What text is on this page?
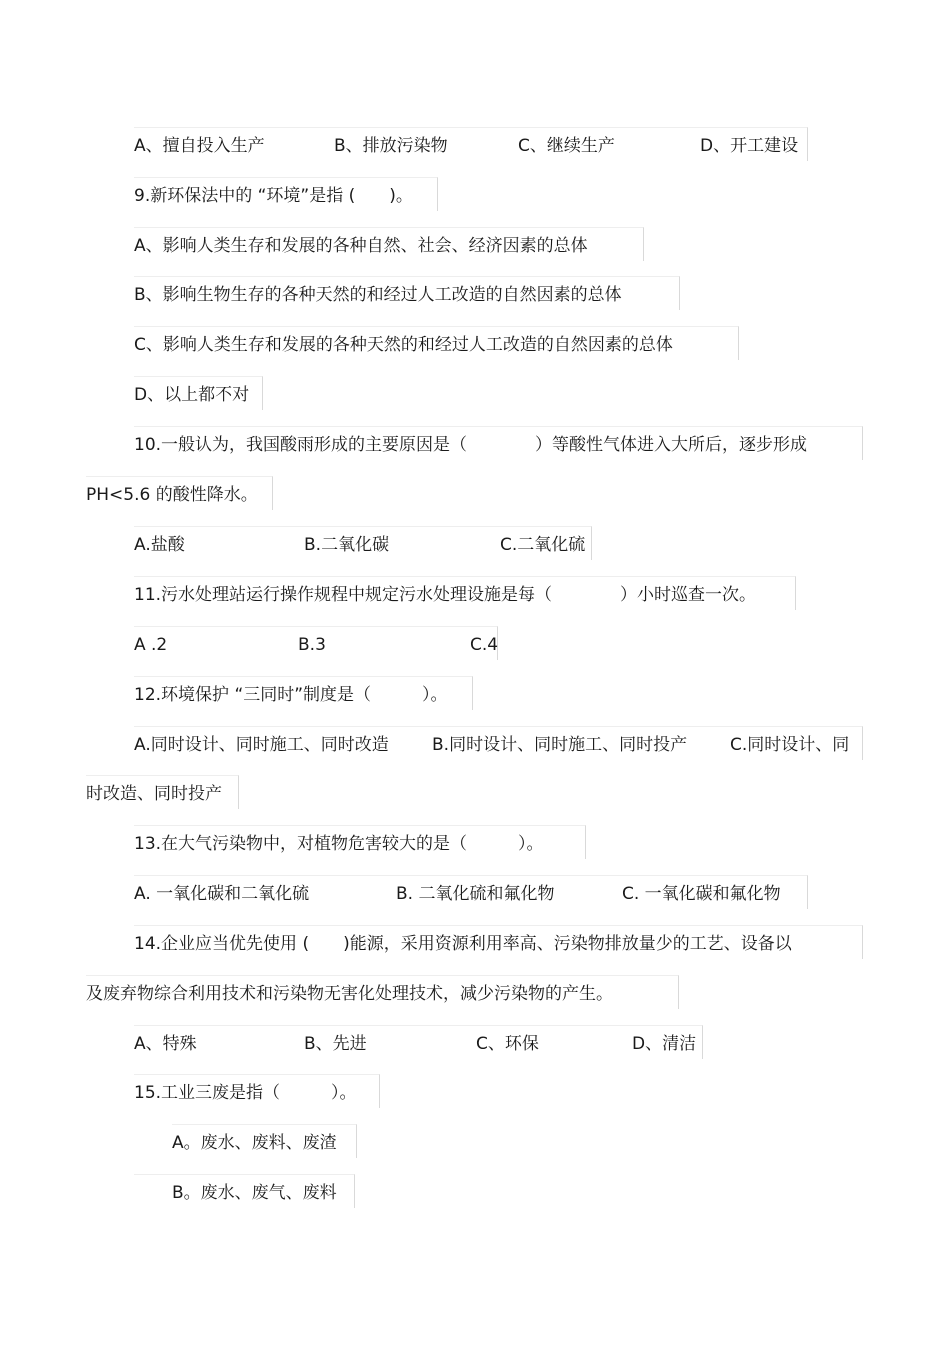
A、擅自投入生产	B、排放污染物	C、继续生产	D、开工建设
9.新环保法中的 “环境”是指 (　　)。
A、影响人类生存和发展的各种自然、社会、经济因素的总体
B、影响生物生存的各种天然的和经过人工改造的自然因素的总体
C、影响人类生存和发展的各种天然的和经过人工改造的自然因素的总体
D、以上都不对
10.一般认为，我国酸雨形成的主要原因是（　　　　）等酸性气体进入大所后，逐步形成
PH<5.6 的酸性降水。
A.盐酸	B.二氧化碳	C.二氧化硫
11.污水处理站运行操作规程中规定污水处理设施是每（　　　　）小时巡查一次。
A .2	B.3	C.4
12.环境保护 “三同时”制度是（　　　）。
A.同时设计、同时施工、同时改造	B.同时设计、同时施工、同时投产	C.同时设计、同
时改造、同时投产
13.在大气污染物中，对植物危害较大的是（　　　）。
A. 一氧化碳和二氧化硫	B. 二氧化硫和氟化物	C. 一氧化碳和氟化物
14.企业应当优先使用 (　　)能源，采用资源利用率高、污染物排放量少的工艺、设备以
及废弃物综合利用技术和污染物无害化处理技术，减少污染物的产生。
A、特殊	B、先进	C、环保	D、清洁
15.工业三废是指（　　　）。
A。废水、废料、废渣
B。废水、废气、废料
